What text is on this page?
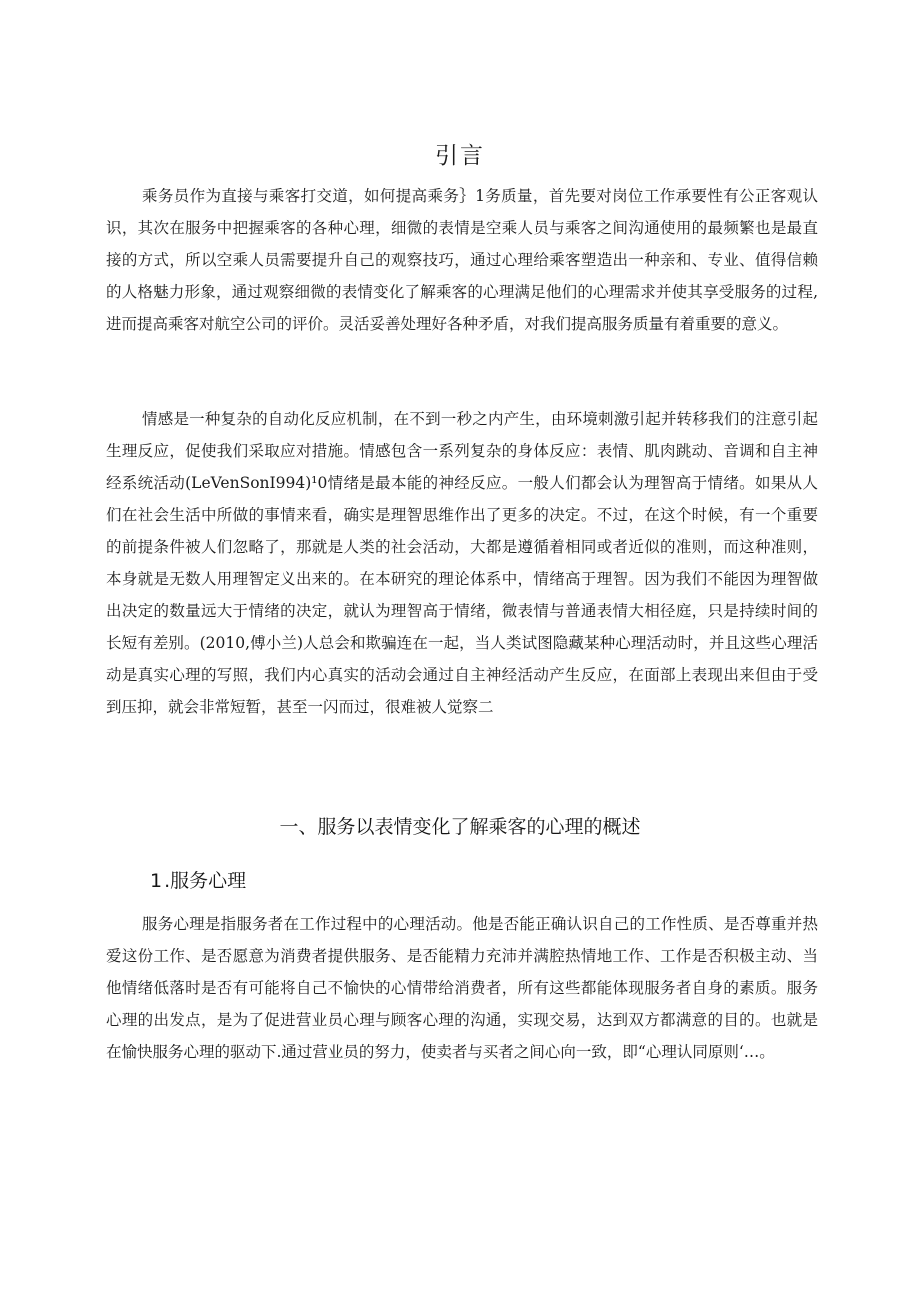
引言

乘务员作为直接与乘客打交道，如何提高乘务｝1务质量，首先要对岗位工作承要性有公正客观认识，其次在服务中把握乘客的各种心理，细微的表情是空乘人员与乘客之间沟通使用的最频繁也是最直接的方式，所以空乘人员需要提升自己的观察技巧，通过心理给乘客塑造出一种亲和、专业、值得信赖的人格魅力形象，通过观察细微的表情变化了解乘客的心理满足他们的心理需求并使其享受服务的过程,进而提高乘客对航空公司的评价。灵活妥善处理好各种矛盾，对我们提高服务质量有着重要的意义。

情感是一种复杂的自动化反应机制，在不到一秒之内产生，由环境刺激引起并转移我们的注意引起生理反应，促使我们采取应对措施。情感包含一系列复杂的身体反应：表情、肌肉跳动、音调和自主神经系统活动(LeVenSonI994)¹0情绪是最本能的神经反应。一般人们都会认为理智高于情绪。如果从人们在社会生活中所做的事情来看，确实是理智思维作出了更多的决定。不过，在这个时候，有一个重要的前提条件被人们忽略了，那就是人类的社会活动，大都是遵循着相同或者近似的准则，而这种准则，本身就是无数人用理智定义出来的。在本研究的理论体系中，情绪高于理智。因为我们不能因为理智做出决定的数量远大于情绪的决定，就认为理智高于情绪，微表情与普通表情大相径庭，只是持续时间的长短有差别。(2010,傅小兰)人总会和欺骗连在一起，当人类试图隐藏某种心理活动时，并且这些心理活动是真实心理的写照，我们内心真实的活动会通过自主神经活动产生反应，在面部上表现出来但由于受到压抑，就会非常短暂，甚至一闪而过，很难被人觉察二

一、服务以表情变化了解乘客的心理的概述
1 .服务心理

服务心理是指服务者在工作过程中的心理活动。他是否能正确认识自己的工作性质、是否尊重并热爱这份工作、是否愿意为消费者提供服务、是否能精力充沛并满腔热情地工作、工作是否积极主动、当他情绪低落时是否有可能将自己不愉快的心情带给消费者，所有这些都能体现服务者自身的素质。服务心理的出发点，是为了促进营业员心理与顾客心理的沟通，实现交易，达到双方都满意的目的。也就是在愉快服务心理的驱动下.通过营业员的努力，使卖者与买者之间心向一致，即“心理认同原则‘…。
